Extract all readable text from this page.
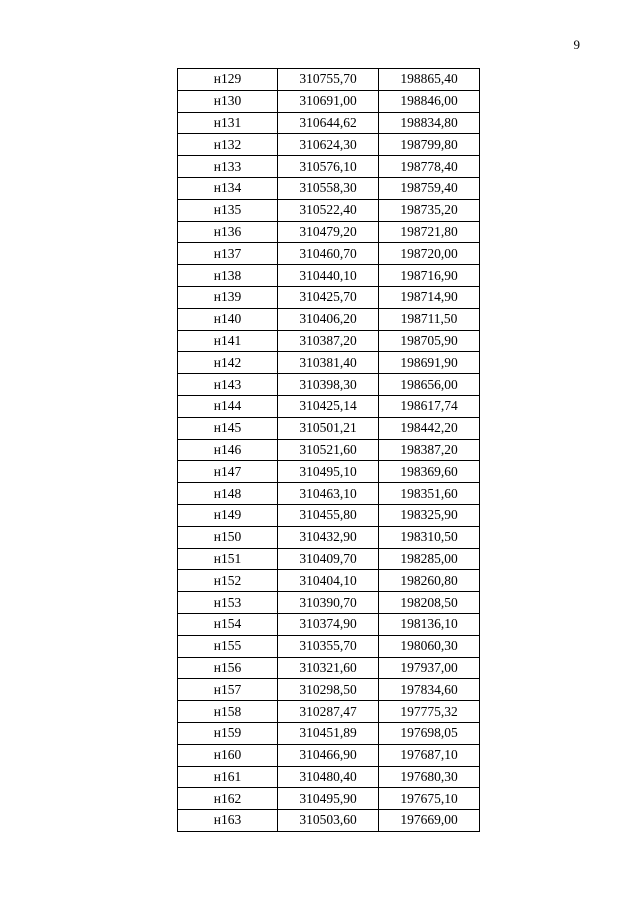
9
н129	310755,70	198865,40
н130	310691,00	198846,00
н131	310644,62	198834,80
н132	310624,30	198799,80
н133	310576,10	198778,40
н134	310558,30	198759,40
н135	310522,40	198735,20
н136	310479,20	198721,80
н137	310460,70	198720,00
н138	310440,10	198716,90
н139	310425,70	198714,90
н140	310406,20	198711,50
н141	310387,20	198705,90
н142	310381,40	198691,90
н143	310398,30	198656,00
н144	310425,14	198617,74
н145	310501,21	198442,20
н146	310521,60	198387,20
н147	310495,10	198369,60
н148	310463,10	198351,60
н149	310455,80	198325,90
н150	310432,90	198310,50
н151	310409,70	198285,00
н152	310404,10	198260,80
н153	310390,70	198208,50
н154	310374,90	198136,10
н155	310355,70	198060,30
н156	310321,60	197937,00
н157	310298,50	197834,60
н158	310287,47	197775,32
н159	310451,89	197698,05
н160	310466,90	197687,10
н161	310480,40	197680,30
н162	310495,90	197675,10
н163	310503,60	197669,00
